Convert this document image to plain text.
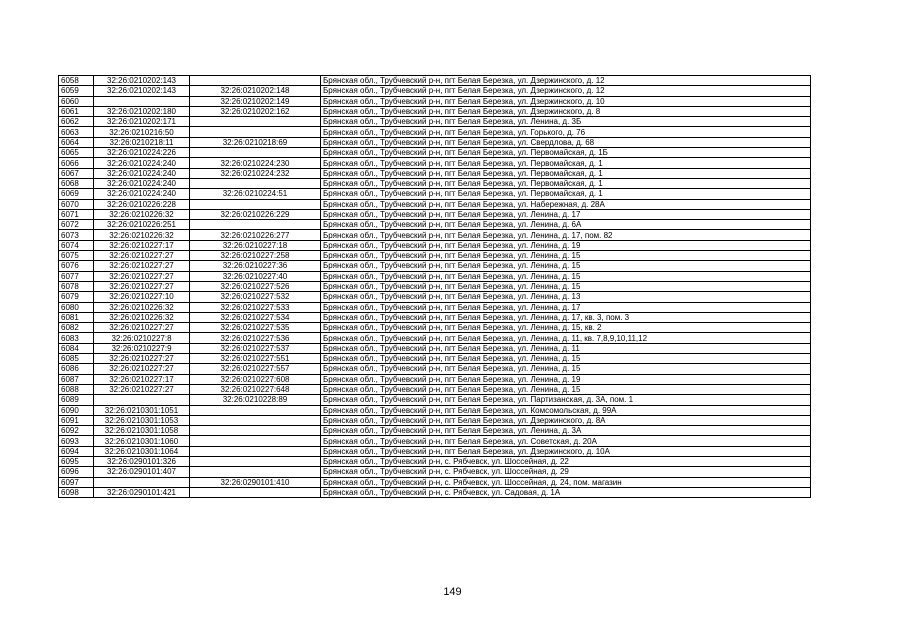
6058	32:26:0210202:143		Брянская обл., Трубчевский р-н, пгт Белая Березка, ул. Дзержинского, д. 12
6059	32:26:0210202:143	32:26:0210202:148	Брянская обл., Трубчевский р-н, пгт Белая Березка, ул. Дзержинского, д. 12
6060		32:26:0210202:149	Брянская обл., Трубчевский р-н, пгт Белая Березка, ул. Дзержинского, д. 10
6061	32:26:0210202:180	32:26:0210202:162	Брянская обл., Трубчевский р-н, пгт Белая Березка, ул. Дзержинского, д. 8
6062	32:26:0210202:171		Брянская обл., Трубчевский р-н, пгт Белая Березка, ул. Ленина, д. 3Б
6063	32:26:0210216:50		Брянская обл., Трубчевский р-н, пгт Белая Березка, ул. Горького, д. 76
6064	32:26:0210218:11	32:26:0210218:69	Брянская обл., Трубчевский р-н, пгт Белая Березка, ул. Свердлова, д. 68
6065	32:26:0210224:226		Брянская обл., Трубчевский р-н, пгт Белая Березка, ул. Первомайская, д. 1Б
6066	32:26:0210224:240	32:26:0210224:230	Брянская обл., Трубчевский р-н, пгт Белая Березка, ул. Первомайская, д. 1
6067	32:26:0210224:240	32:26:0210224:232	Брянская обл., Трубчевский р-н, пгт Белая Березка, ул. Первомайская, д. 1
6068	32:26:0210224:240		Брянская обл., Трубчевский р-н, пгт Белая Березка, ул. Первомайская, д. 1
6069	32:26:0210224:240	32:26:0210224:51	Брянская обл., Трубчевский р-н, пгт Белая Березка, ул. Первомайская, д. 1
6070	32:26:0210226:228		Брянская обл., Трубчевский р-н, пгт Белая Березка, ул. Набережная, д. 28А
6071	32:26:0210226:32	32:26:0210226:229	Брянская обл., Трубчевский р-н, пгт Белая Березка, ул. Ленина, д. 17
6072	32:26:0210226:251		Брянская обл., Трубчевский р-н, пгт Белая Березка, ул. Ленина, д. 6А
6073	32:26:0210226:32	32:26:0210226:277	Брянская обл., Трубчевский р-н, пгт Белая Березка, ул. Ленина, д. 17, пом. 82
6074	32:26:0210227:17	32:26:0210227:18	Брянская обл., Трубчевский р-н, пгт Белая Березка, ул. Ленина, д. 19
6075	32:26:0210227:27	32:26:0210227:258	Брянская обл., Трубчевский р-н, пгт Белая Березка, ул. Ленина, д. 15
6076	32:26:0210227:27	32:26:0210227:36	Брянская обл., Трубчевский р-н, пгт Белая Березка, ул. Ленина, д. 15
6077	32:26:0210227:27	32:26:0210227:40	Брянская обл., Трубчевский р-н, пгт Белая Березка, ул. Ленина, д. 15
6078	32:26:0210227:27	32:26:0210227:526	Брянская обл., Трубчевский р-н, пгт Белая Березка, ул. Ленина, д. 15
6079	32:26:0210227:10	32:26:0210227:532	Брянская обл., Трубчевский р-н, пгт Белая Березка, ул. Ленина, д. 13
6080	32:26:0210226:32	32:26:0210227:533	Брянская обл., Трубчевский р-н, пгт Белая Березка, ул. Ленина, д. 17
6081	32:26:0210226:32	32:26:0210227:534	Брянская обл., Трубчевский р-н, пгт Белая Березка, ул. Ленина, д. 17, кв. 3, пом. 3
6082	32:26:0210227:27	32:26:0210227:535	Брянская обл., Трубчевский р-н, пгт Белая Березка, ул. Ленина, д. 15, кв. 2
6083	32:26:0210227:8	32:26:0210227:536	Брянская обл., Трубчевский р-н, пгт Белая Березка, ул. Ленина, д. 11, кв. 7,8,9,10,11,12
6084	32:26:0210227:9	32:26:0210227:537	Брянская обл., Трубчевский р-н, пгт Белая Березка, ул. Ленина, д. 11
6085	32:26:0210227:27	32:26:0210227:551	Брянская обл., Трубчевский р-н, пгт Белая Березка, ул. Ленина, д. 15
6086	32:26:0210227:27	32:26:0210227:557	Брянская обл., Трубчевский р-н, пгт Белая Березка, ул. Ленина, д. 15
6087	32:26:0210227:17	32:26:0210227:608	Брянская обл., Трубчевский р-н, пгт Белая Березка, ул. Ленина, д. 19
6088	32:26:0210227:27	32:26:0210227:648	Брянская обл., Трубчевский р-н, пгт Белая Березка, ул. Ленина, д. 15
6089		32:26:0210228:89	Брянская обл., Трубчевский р-н, пгт Белая Березка, ул. Партизанская, д. 3А, пом. 1
6090	32:26:0210301:1051		Брянская обл., Трубчевский р-н, пгт Белая Березка, ул. Комсомольская, д. 99А
6091	32:26:0210301:1053		Брянская обл., Трубчевский р-н, пгт Белая Березка, ул. Дзержинского, д. 8А
6092	32:26:0210301:1058		Брянская обл., Трубчевский р-н, пгт Белая Березка, ул. Ленина, д. 3А
6093	32:26:0210301:1060		Брянская обл., Трубчевский р-н, пгт Белая Березка, ул. Советская, д. 20А
6094	32:26:0210301:1064		Брянская обл., Трубчевский р-н, пгт Белая Березка, ул. Дзержинского, д. 10А
6095	32:26:0290101:326		Брянская обл., Трубчевский р-н, с. Рябчевск, ул. Шоссейная, д. 22
6096	32:26:0290101:407		Брянская обл., Трубчевский р-н, с. Рябчевск, ул. Шоссейная, д. 29
6097		32:26:0290101:410	Брянская обл., Трубчевский р-н, с. Рябчевск, ул. Шоссейная, д. 24, пом. магазин
6098	32:26:0290101:421		Брянская обл., Трубчевский р-н, с. Рябчевск, ул. Садовая, д. 1А
149
